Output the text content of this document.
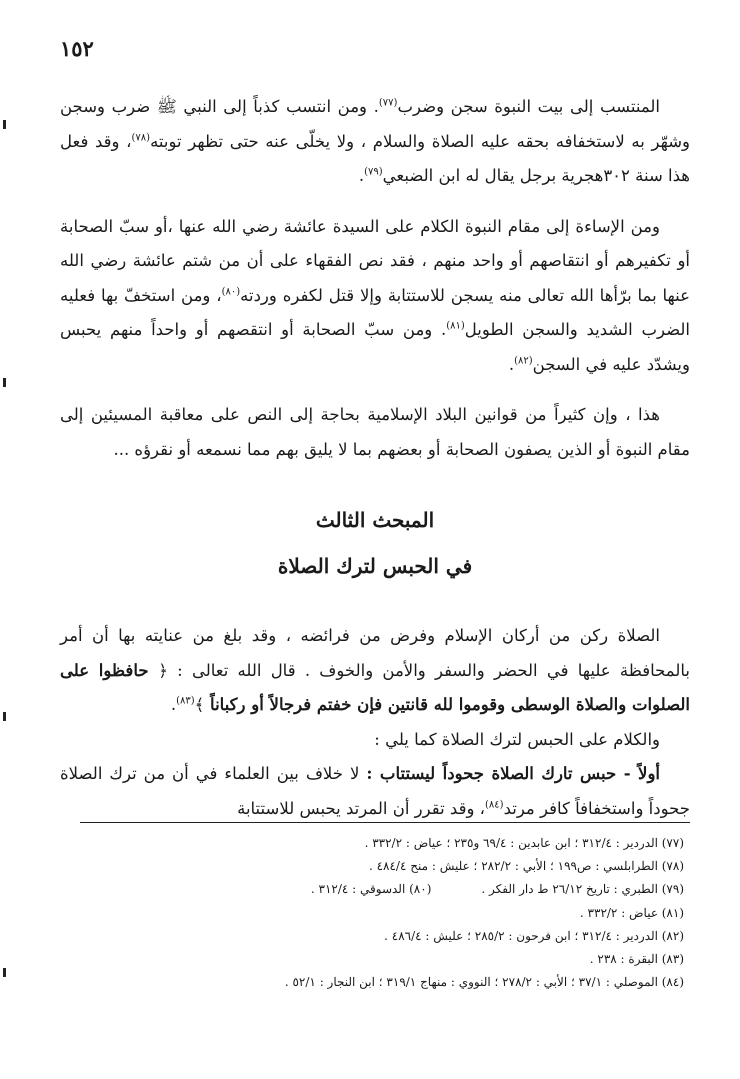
١٥٢

المنتسب إلى بيت النبوة سجن وضرب$^{(٧٧)}$. ومن انتسب كذباً إلى النبي ﷺ ضرب وسجن وشهّر به لاستخفافه بحقه عليه الصلاة والسلام ، ولا يخلّى عنه حتى تظهر توبته$^{(٧٨)}$، وقد فعل هذا سنة ٣٠٢هجرية برجل يقال له ابن الضبعي$^{(٧٩)}$.

ومن الإساءة إلى مقام النبوة الكلام على السيدة عائشة رضي الله عنها ،أو سبّ الصحابة أو تكفيرهم أو انتقاصهم أو واحد منهم ، فقد نص الفقهاء على أن من شتم عائشة رضي الله عنها بما برّأها الله تعالى منه يسجن للاستتابة وإلا قتل لكفره وردته$^{(٨٠)}$، ومن استخفّ بها فعليه الضرب الشديد والسجن الطويل$^{(٨١)}$. ومن سبّ الصحابة أو انتقصهم أو واحداً منهم يحبس ويشدّد عليه في السجن$^{(٨٢)}$.

هذا ، وإن كثيراً من قوانين البلاد الإسلامية بحاجة إلى النص على معاقبة المسيئين إلى مقام النبوة أو الذين يصفون الصحابة أو بعضهم بما لا يليق بهم مما نسمعه أو نقرؤه ...

المبحث الثالث

في الحبس لترك الصلاة

الصلاة ركن من أركان الإسلام وفرض من فرائضه ، وقد بلغ من عنايته بها أن أمر بالمحافظة عليها في الحضر والسفر والأمن والخوف . قال الله تعالى : ﴿ حافظوا على الصلوات والصلاة الوسطى وقوموا لله قانتين فإن خفتم فرجالاً أو ركباناً ﴾$^{(٨٣)}$.

والكلام على الحبس لترك الصلاة كما يلي :

أولاً - حبس تارك الصلاة جحوداً ليستتاب : لا خلاف بين العلماء في أن من ترك الصلاة جحوداً واستخفافاً كافر مرتد$^{(٨٤)}$، وقد تقرر أن المرتد يحبس للاستتابة

(٧٧)
الدردير : ٣١٢/٤ ؛ ابن عابدين : ٦٩/٤ و٢٣٥ ؛ عياض : ٣٣٢/٢ .
(٧٨)
الطرابلسي : ص١٩٩ ؛ الأبي : ٢٨٢/٢ ؛ عليش : منح ٤٨٤/٤ .
(٧٩)
الطبري : تاريخ ٢٦/١٢ ط دار الفكر .
(٨٠) الدسوقي : ٣١٢/٤ .
(٨١)
عياض : ٣٣٢/٢ .
(٨٢)
الدردير : ٣١٢/٤ ؛ ابن فرحون : ٢٨٥/٢ ؛ عليش : ٤٨٦/٤ .
(٨٣)
البقرة : ٢٣٨ .
(٨٤)
الموصلي : ٣٧/١ ؛ الأبي : ٢٧٨/٢ ؛ النووي : منهاج ٣١٩/١ ؛ ابن النجار : ٥٢/١ .
